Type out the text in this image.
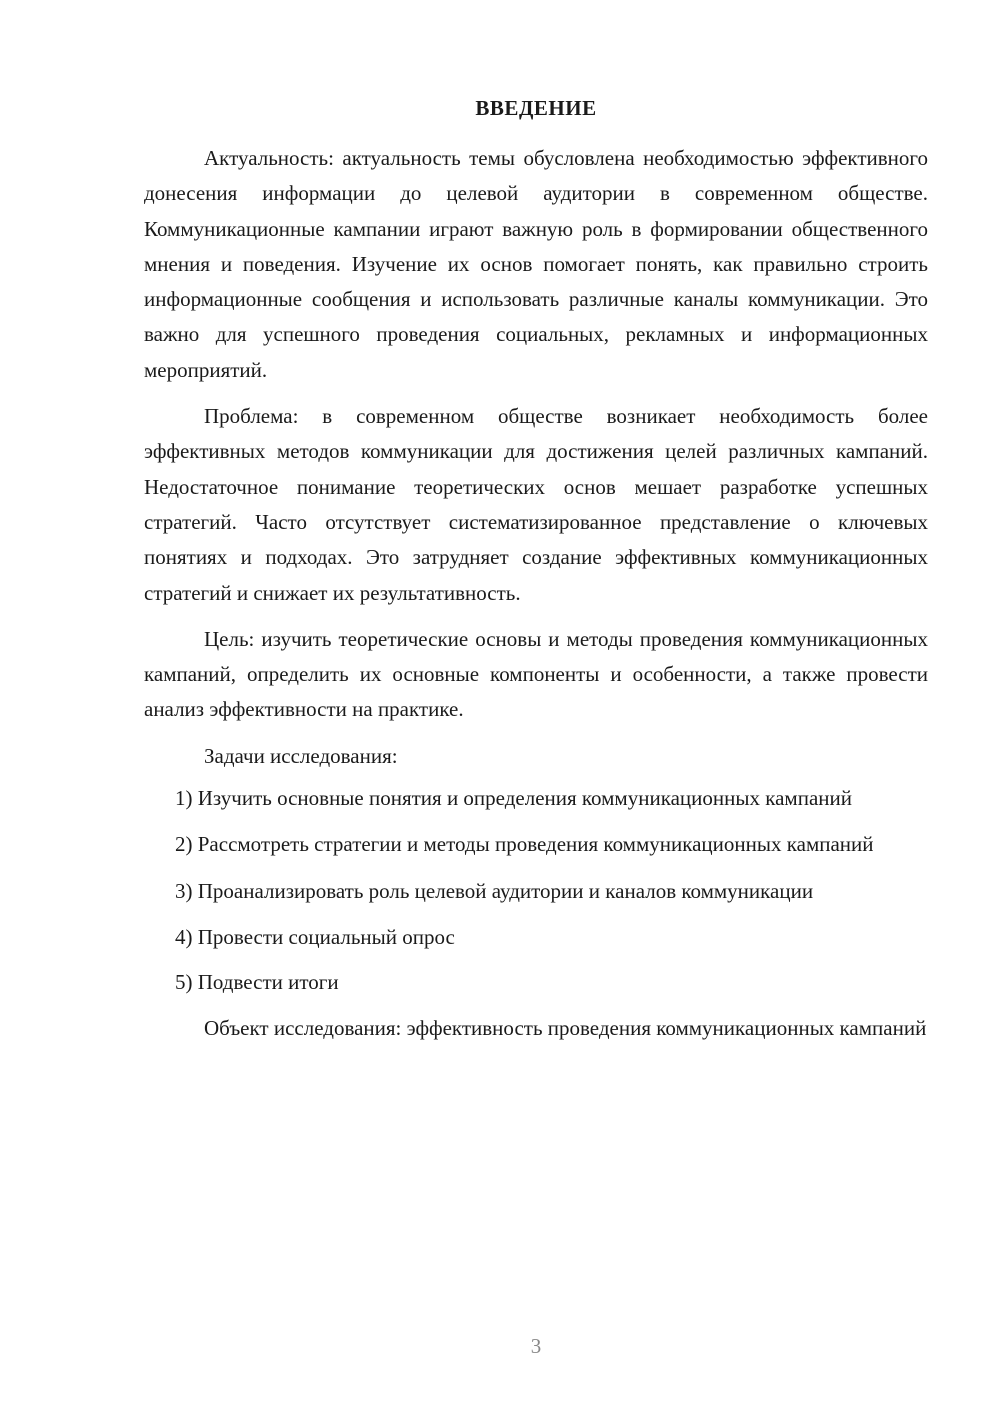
ВВЕДЕНИЕ

Актуальность: актуальность темы обусловлена необходимостью эффективного донесения информации до целевой аудитории в современном обществе. Коммуникационные кампании играют важную роль в формировании общественного мнения и поведения. Изучение их основ помогает понять, как правильно строить информационные сообщения и использовать различные каналы коммуникации. Это важно для успешного проведения социальных, рекламных и информационных мероприятий.

Проблема: в современном обществе возникает необходимость более эффективных методов коммуникации для достижения целей различных кампаний. Недостаточное понимание теоретических основ мешает разработке успешных стратегий. Часто отсутствует систематизированное представление о ключевых понятиях и подходах. Это затрудняет создание эффективных коммуникационных стратегий и снижает их результативность.

Цель: изучить теоретические основы и методы проведения коммуникационных кампаний, определить их основные компоненты и особенности, а также провести анализ эффективности на практике.

Задачи исследования:

1) Изучить основные понятия и определения коммуникационных кампаний

2) Рассмотреть стратегии и методы проведения коммуникационных кампаний

3) Проанализировать роль целевой аудитории и каналов коммуникации

4) Провести социальный опрос

5) Подвести итоги

Объект исследования: эффективность проведения коммуникационных кампаний

3
